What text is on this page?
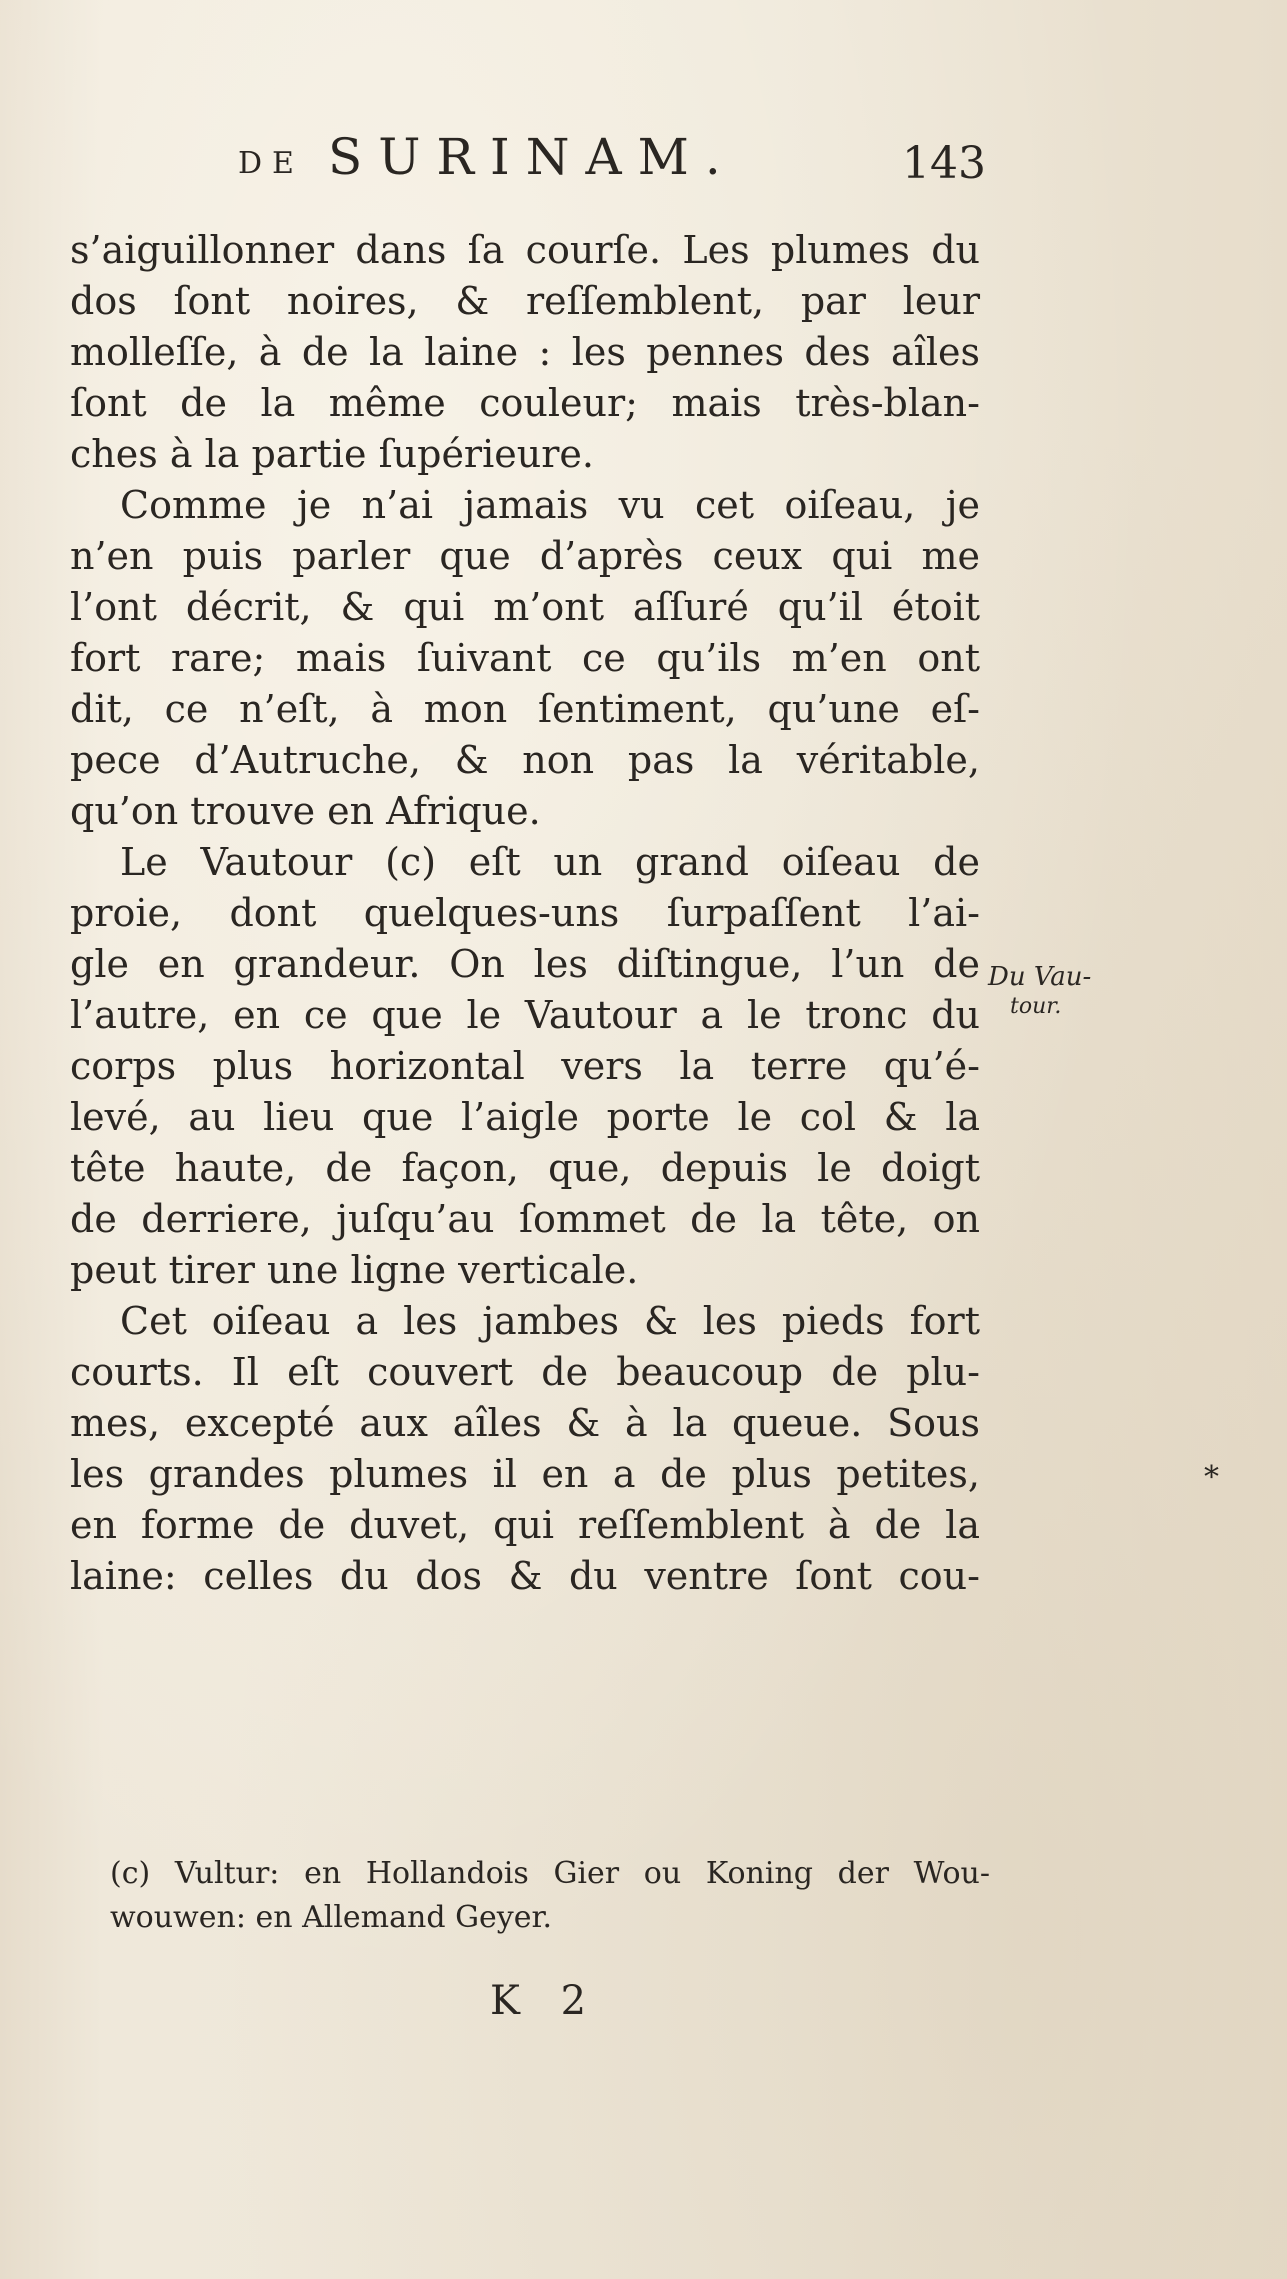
DE SURINAM.	143
s’aiguillonner dans ſa courſe. Les plumes du
dos ſont noires, & reſſemblent, par leur
molleſſe, à de la laine : les pennes des aîles
ſont de la même couleur; mais très-blan-
ches à la partie ſupérieure.
Comme je n’ai jamais vu cet oiſeau, je
n’en puis parler que d’après ceux qui me
l’ont décrit, & qui m’ont aſſuré qu’il étoit
fort rare; mais ſuivant ce qu’ils m’en ont
dit, ce n’eſt, à mon ſentiment, qu’une eſ-
pece d’Autruche, & non pas la véritable,
qu’on trouve en Afrique.
Le Vautour (c) eſt un grand oiſeau de
proie, dont quelques-uns ſurpaſſent l’ai-
gle en grandeur. On les diſtingue, l’un de
l’autre, en ce que le Vautour a le tronc du
corps plus horizontal vers la terre qu’é-
levé, au lieu que l’aigle porte le col & la
tête haute, de façon, que, depuis le doigt
de derriere, juſqu’au ſommet de la tête, on
peut tirer une ligne verticale.
Cet oiſeau a les jambes & les pieds fort
courts. Il eſt couvert de beaucoup de plu-
mes, excepté aux aîles & à la queue. Sous
les grandes plumes il en a de plus petites,
en forme de duvet, qui reſſemblent à de la
laine: celles du dos & du ventre ſont cou-
Du Vau-
tour.
*
(c) Vultur: en Hollandois Gier ou Koning der Wou-
wouwen: en Allemand Geyer.
K 2
